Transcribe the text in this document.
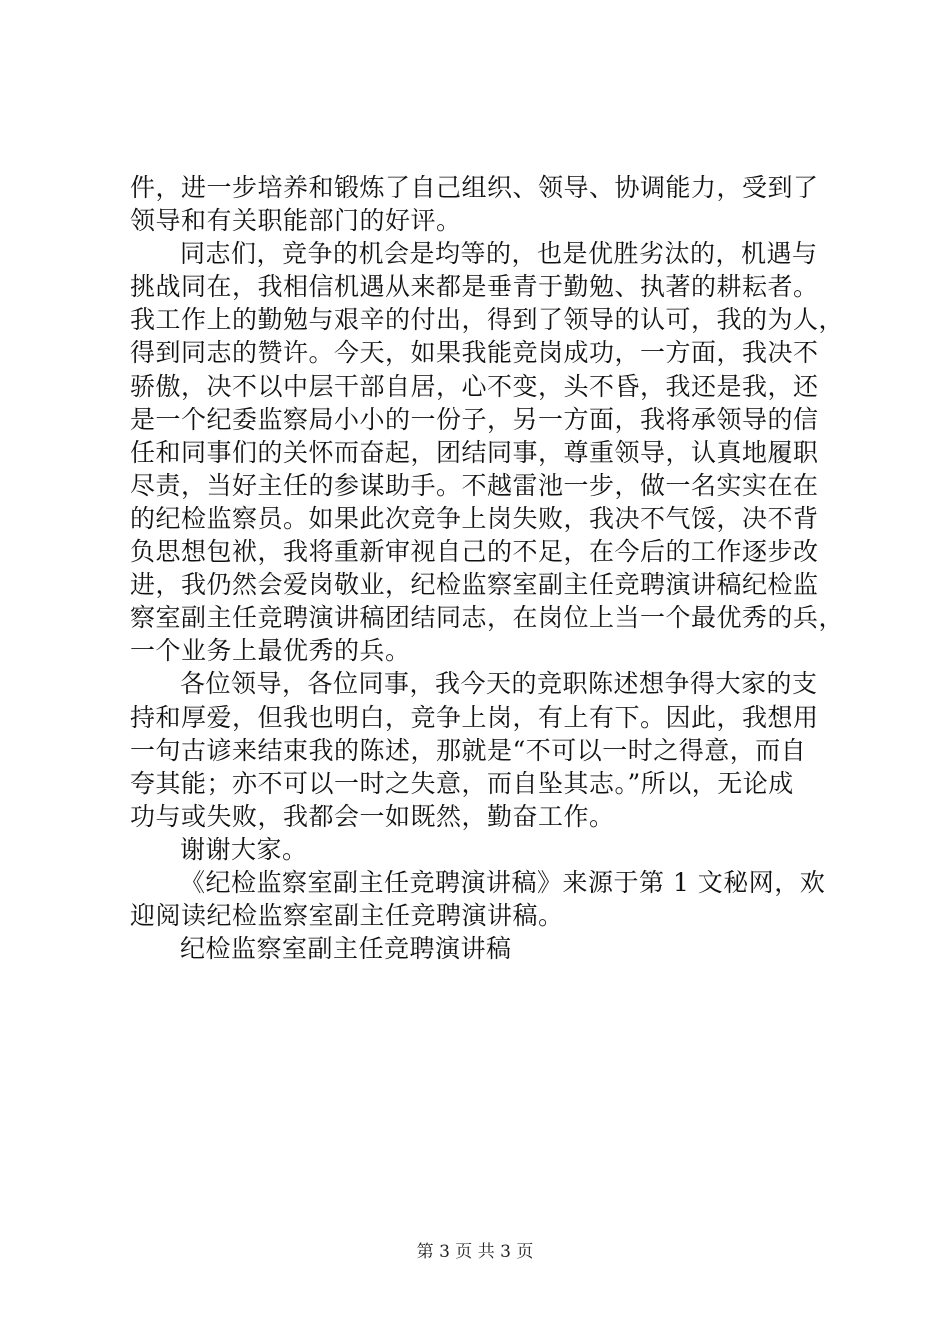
件，进一步培养和锻炼了自己组织、领导、协调能力，受到了
领导和有关职能部门的好评。
同志们，竞争的机会是均等的，也是优胜劣汰的，机遇与
挑战同在，我相信机遇从来都是垂青于勤勉、执著的耕耘者。
我工作上的勤勉与艰辛的付出，得到了领导的认可，我的为人，
得到同志的赞许。今天，如果我能竞岗成功，一方面，我决不
骄傲，决不以中层干部自居，心不变，头不昏，我还是我，还
是一个纪委监察局小小的一份子，另一方面，我将承领导的信
任和同事们的关怀而奋起，团结同事，尊重领导，认真地履职
尽责，当好主任的参谋助手。不越雷池一步，做一名实实在在
的纪检监察员。如果此次竞争上岗失败，我决不气馁，决不背
负思想包袱，我将重新审视自己的不足，在今后的工作逐步改
进，我仍然会爱岗敬业，纪检监察室副主任竞聘演讲稿纪检监
察室副主任竞聘演讲稿团结同志，在岗位上当一个最优秀的兵，
一个业务上最优秀的兵。
各位领导，各位同事，我今天的竞职陈述想争得大家的支
持和厚爱，但我也明白，竞争上岗，有上有下。因此，我想用
一句古谚来结束我的陈述，那就是“不可以一时之得意，而自
夸其能；亦不可以一时之失意，而自坠其志。”所以，无论成
功与或失败，我都会一如既然，勤奋工作。
谢谢大家。
《纪检监察室副主任竞聘演讲稿》来源于第 1 文秘网，欢
迎阅读纪检监察室副主任竞聘演讲稿。
纪检监察室副主任竞聘演讲稿
第 3 页 共 3 页
